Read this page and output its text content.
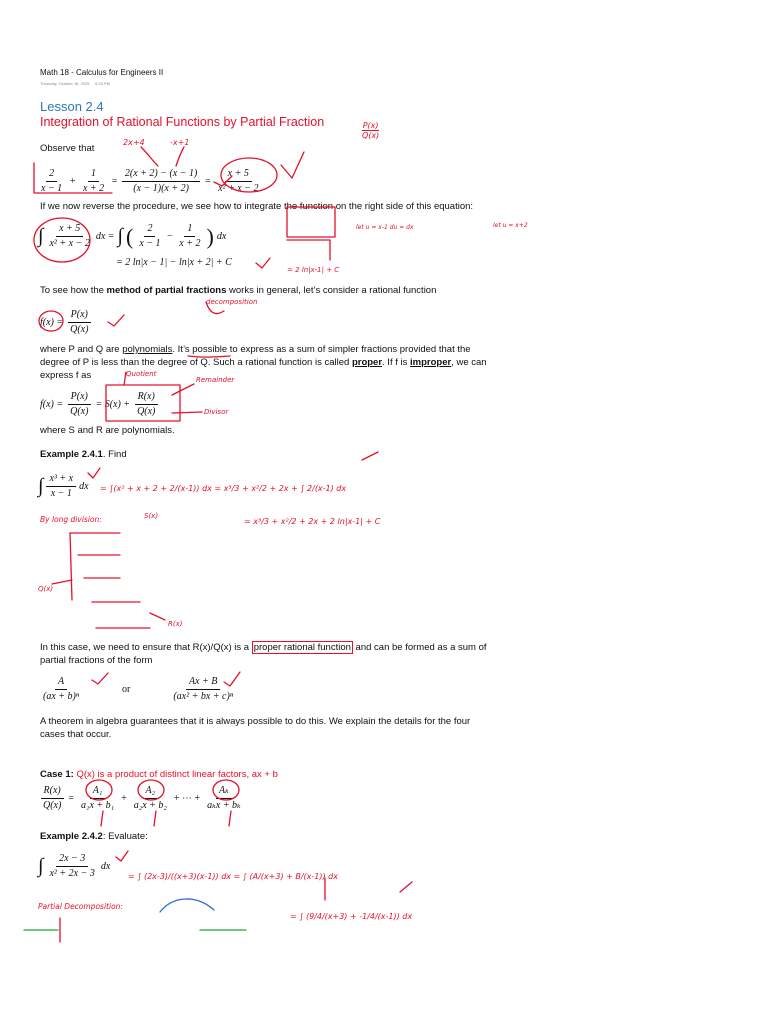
Math 18 - Calculus for Engineers II
Thursday, October 16, 2025 5:33 PM
Lesson 2.4
Integration of Rational Functions by Partial Fraction
Observe that
$\frac{2}{x - 1} + \frac{1}{x + 2} = \frac{2(x + 2) - (x - 1)}{(x - 1)(x + 2)} = \frac{x + 5}{\text{x² + x − 2}}$
If we now reverse the procedure, we see how to integrate the function on the right side of this equation:
∫ $\frac{x + 5}{\text{x² + x − 2}}$ dx = ∫ ( $\frac{2}{x - 1} - \frac{1}{x + 2}$ ) dx
= 2 ln|x − 1| − ln|x + 2| + C
To see how the method of partial fractions works in general, let’s consider a rational function
$f(x) = \frac{P(x)}{Q(x)}$
where P and Q are polynomials. It’s possible to express as a sum of simpler fractions provided that the
degree of P is less than the degree of Q. Such a rational function is called proper. If f is improper, we can
express f as
$f(x) = \frac{P(x)}{Q(x)} = S(x) + \frac{R(x)}{Q(x)}$
where S and R are polynomials.
Example 2.4.1. Find
∫ $\frac{\text{x³ + x}}{x - 1}$ dx
In this case, we need to ensure that R(x)/Q(x) is a proper rational function and can be formed as a sum of
partial fractions of the form
$\frac{A}{\text{(ax + b)ⁿ}}$	or	$\frac{Ax + B}{\text{(ax² + bx + c)ⁿ}}$
A theorem in algebra guarantees that it is always possible to do this. We explain the details for the four
cases that occur.
Case 1: Q(x) is a product of distinct linear factors, ax + b
$\frac{R(x)}{Q(x)} = \frac{\text{A₁}}{\text{a₁x + b₁}} + \frac{\text{A₂}}{\text{a₂x + b₂}}$ + ⋯ + $\frac{\text{Aₖ}}{\text{aₖx + bₖ}}$
Example 2.4.2: Evaluate:
∫ $\frac{2x - 3}{\text{x² + 2x − 3}}$ dx
2x+4	-x+1
P(x)
Q(x)
let u = x-1 du = dx	let u = x+2
= 2 ln|x-1| + C
decomposition
Quotient
Remainder
Divisor
= ∫(x² + x + 2 + 2/(x-1)) dx = x³/3 + x²/2 + 2x + ∫ 2/(x-1) dx
= x³/3 + x²/2 + 2x + 2 ln|x-1| + C
By long division:	S(x)
Q(x)
R(x)
= ∫ (2x-3)/((x+3)(x-1)) dx = ∫ (A/(x+3) + B/(x-1)) dx
Partial Decomposition:
= ∫ (9/4/(x+3) + -1/4/(x-1)) dx
